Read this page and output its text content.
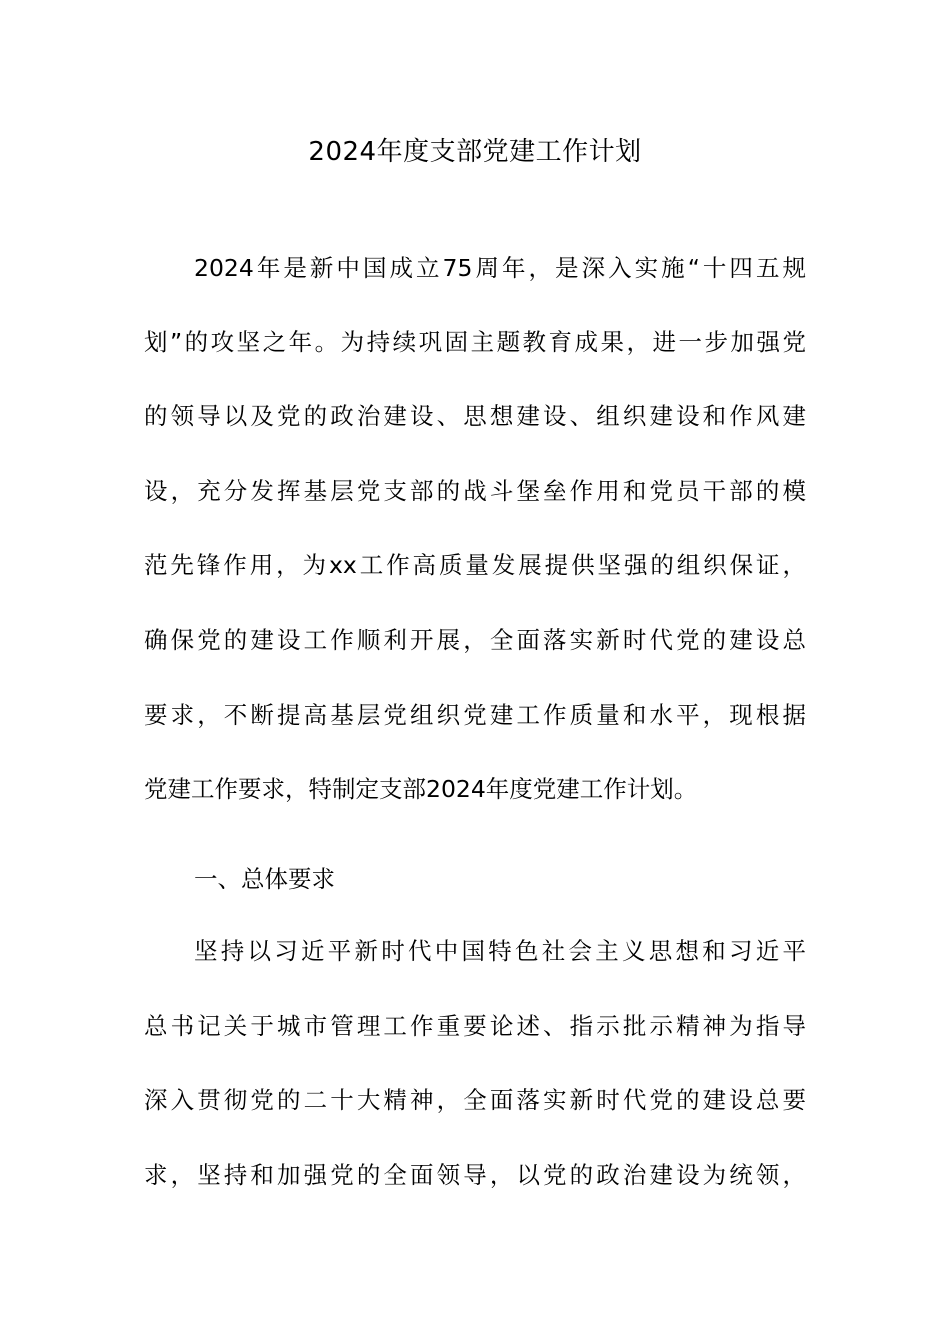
2024年度支部党建工作计划
2024年是新中国成立75周年，是深入实施“十四五规
划”的攻坚之年。为持续巩固主题教育成果，进一步加强党
的领导以及党的政治建设、思想建设、组织建设和作风建
设，充分发挥基层党支部的战斗堡垒作用和党员干部的模
范先锋作用，为xx工作高质量发展提供坚强的组织保证，
确保党的建设工作顺利开展，全面落实新时代党的建设总
要求，不断提高基层党组织党建工作质量和水平，现根据
党建工作要求，特制定支部2024年度党建工作计划。
一、总体要求
坚持以习近平新时代中国特色社会主义思想和习近平
总书记关于城市管理工作重要论述、指示批示精神为指导
深入贯彻党的二十大精神，全面落实新时代党的建设总要
求，坚持和加强党的全面领导，以党的政治建设为统领，
